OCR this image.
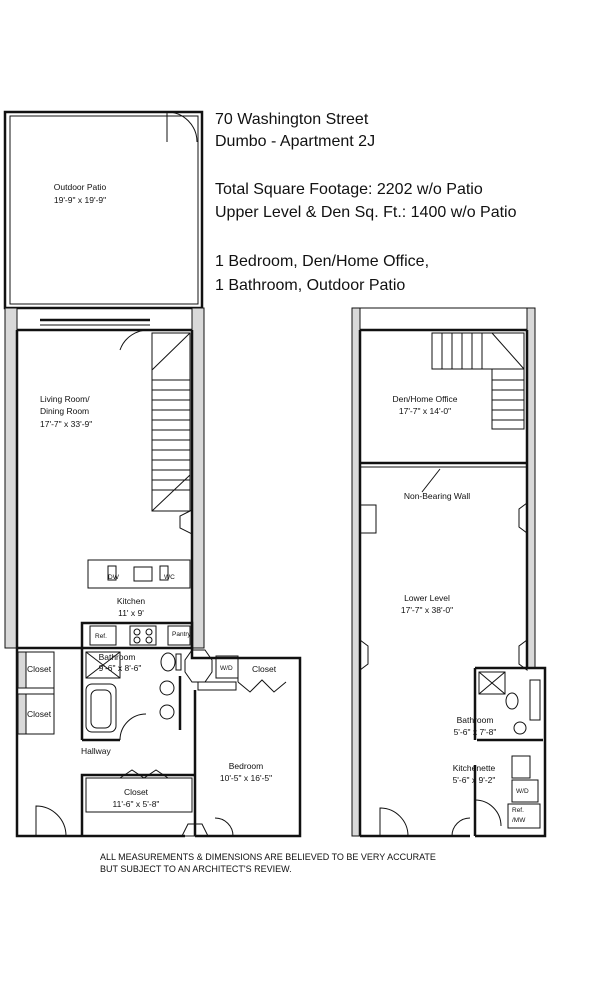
70 Washington Street
Dumbo - Apartment 2J
Total Square Footage: 2202 w/o Patio
Upper Level & Den Sq. Ft.: 1400 w/o Patio
1 Bedroom, Den/Home Office,
1 Bathroom, Outdoor Patio
Outdoor Patio
19'-9" x 19'-9"
Living Room/
Dining Room
17'-7" x 33'-9"
DW	WC
Kitchen
11' x 9'
Ref.	Pantry
Bathroom
9'-6" x 8'-6"	W/D Closet
Closet
Closet
Hallway
Bedroom
10'-5" x 16'-5"
Closet
11'-6" x 5'-8"
Den/Home Office
17'-7" x 14'-0"
Non-Bearing Wall
Lower Level
17'-7" x 38'-0"
Bathroom
5'-6" x 7'-8"
Kitchenette
5'-6" x 9'-2"
W/D
Ref.
/MW
ALL MEASUREMENTS & DIMENSIONS ARE BELIEVED TO BE VERY ACCURATE
BUT SUBJECT TO AN ARCHITECT'S REVIEW.
